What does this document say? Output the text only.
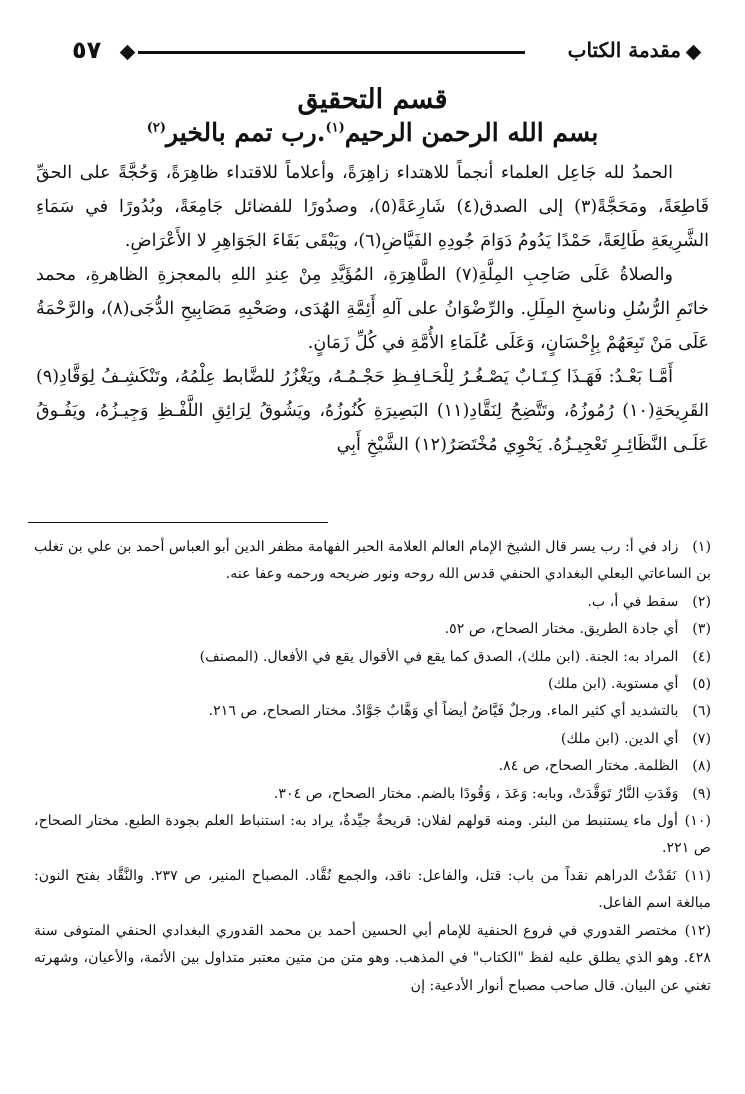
مقدمة الكتاب
٥٧
قسم التحقيق
بسم الله الرحمن الرحيم$^{(١)}$.رب تمم بالخير$^{(٢)}$

الحمدُ لله جَاعِل العلماء أنجماً للاهتداء زاهِرَةً، وأعلاماً للاقتداء ظاهِرَةً، وَحُجَّةً على الحقِّ قَاطِعَةً، ومَحَجَّةً(٣) إلى الصدق(٤) شَارِعَةً(٥)، وصدُورًا للفضائل جَامِعَةً، وبُدُورًا في سَمَاءِ الشَّرِيعَةِ طَالِعَةً، حَمْدًا يَدُومُ دَوَامَ جُودِهِ الفَيَّاضِ(٦)، ويَبْقَى بَقَاءَ الجَوَاهِرِ لا الأَعْرَاضِ.

والصلاةُ عَلَى صَاحِبِ المِلَّةِ(٧) الطَّاهِرَةِ، المُؤَيَّدِ مِنْ عِندِ اللهِ بالمعجزةِ الظاهرةِ، محمد خاتَمِ الرُّسُلِ وناسخِ المِلَلِ. والرِّضْوَانُ على آلهِ أَئِمَّةِ الهُدَى، وصَحْبِهِ مَصَابِيحِ الدُّجَى(٨)، والرَّحْمَةُ عَلَى مَنْ تَبِعَهُمْ بِإِحْسَانٍ، وَعَلَى عُلَمَاءِ الأُمَّةِ في كُلِّ زَمَانٍ.

أَمَّـا بَعْـدُ: فَهَـذَا كِـتَـابٌ يَصْـغُـرُ لِلْحَـافِـظِ حَجْـمُـهُ، ويَغْزُرُ للضَّابط عِلْمُهُ، وتَنْكَشِـفُ لِوَقَّادِ(٩) القَرِيحَةِ(١٠) رُمُوزُهُ، وتَتَّضِحُ لِنَقَّادِ(١١) البَصِيرَةِ كُنُوزُهُ، ويَشُوقُ لِرَائِقِ اللَّفْـظِ وَجِيـزُهُ، ويَفُـوقُ عَلَـى النَّظَائِـرِ تَعْجِيـزُهُ. يَحْوِي مُخْتَصَرُ(١٢) الشَّيْخِ أَبِي

(١) زاد في أ: رب يسر قال الشيخ الإمام العالم العلامة الحبر الفهامة مظفر الدين أبو العباس أحمد بن علي بن تغلب بن الساعاتي البعلي البغدادي الحنفي قدس الله روحه ونور ضريحه ورحمه وعفا عنه.

(٢) سقط في أ، ب.

(٣) أي جادة الطريق. مختار الصحاح، ص ٥٢.

(٤) المراد به: الجنة. (ابن ملك)، الصدق كما يقع في الأقوال يقع في الأفعال. (المصنف)

(٥) أي مستوية. (ابن ملك)

(٦) بالتشديد أي كثير الماء. ورجلٌ فَيَّاضٌ أيضاً أي وَهَّابٌ جَوَّادٌ. مختار الصحاح، ص ٢١٦.

(٧) أي الدين. (ابن ملك)

(٨) الظلمة. مختار الصحاح، ص ٨٤.

(٩) وَقَدَتِ النَّارُ تَوَقَّدَتْ، وبابه: وَعَدَ ، وَقُودًا بالضم. مختار الصحاح، ص ٣٠٤.

(١٠) أول ماء يستنبط من البئر. ومنه قولهم لفلان: قريحةٌ جيِّدةٌ، يراد به: استنباط العلم بجودة الطبع. مختار الصحاح، ص ٢٢١.

(١١) نَقَدْتُ الدراهم نقداً من باب: قتل، والفاعل: ناقد، والجمع نُقَّاد. المصباح المنير، ص ٢٣٧. والنَّقَّاد بفتح النون: مبالغة اسم الفاعل.

(١٢) مختصر القدوري في فروع الحنفية للإمام أبي الحسين أحمد بن محمد القدوري البغدادي الحنفي المتوفى سنة ٤٢٨. وهو الذي يطلق عليه لفظ "الكتاب" في المذهب. وهو متن من متين معتبر متداول بين الأئمة، والأعيان، وشهرته تغني عن البيان. قال صاحب مصباح أنوار الأدعية: إن
